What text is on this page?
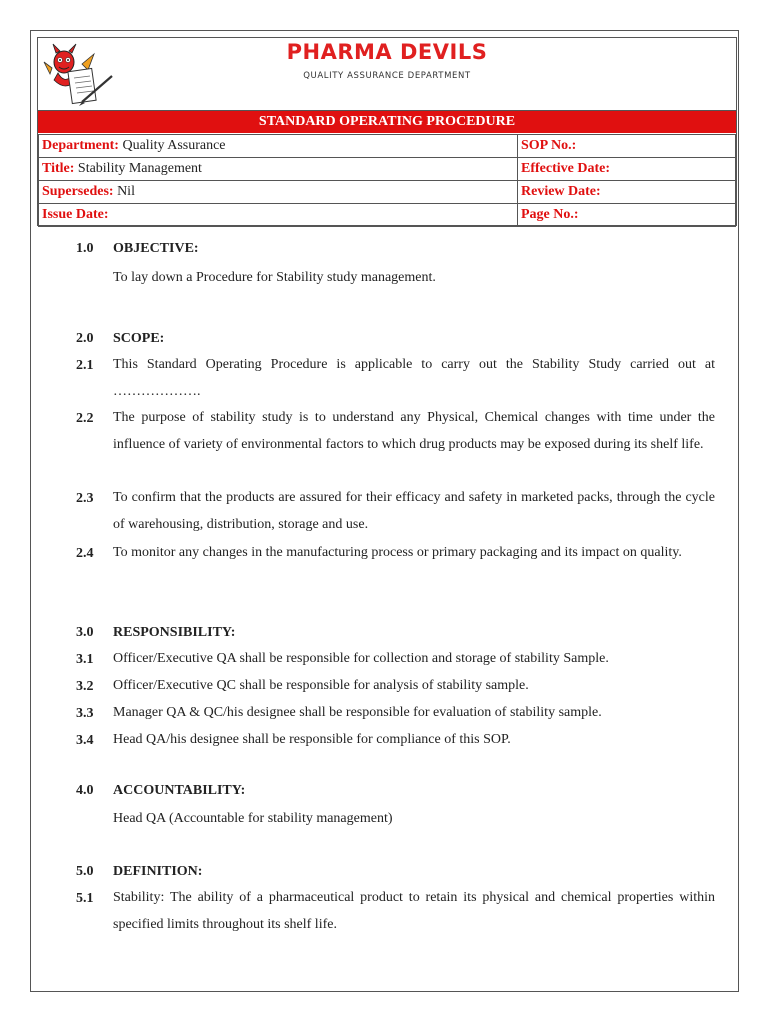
PHARMA DEVILS
QUALITY ASSURANCE DEPARTMENT
STANDARD OPERATING PROCEDURE
Department: Quality Assurance	SOP No.:
Title: Stability Management	Effective Date:
Supersedes: Nil	Review Date:
Issue Date:	Page No.:
1.0	OBJECTIVE:
To lay down a Procedure for Stability study management.
2.0	SCOPE:
2.1	This Standard Operating Procedure is applicable to carry out the Stability Study carried out at ……………….
2.2	The purpose of stability study is to understand any Physical, Chemical changes with time under the influence of variety of environmental factors to which drug products may be exposed during its shelf life.
2.3	To confirm that the products are assured for their efficacy and safety in marketed packs, through the cycle of warehousing, distribution, storage and use.
2.4	To monitor any changes in the manufacturing process or primary packaging and its impact on quality.
3.0	RESPONSIBILITY:
3.1	Officer/Executive QA shall be responsible for collection and storage of stability Sample.
3.2	Officer/Executive QC shall be responsible for analysis of stability sample.
3.3	Manager QA & QC/his designee shall be responsible for evaluation of stability sample.
3.4	Head QA/his designee shall be responsible for compliance of this SOP.
4.0	ACCOUNTABILITY:
Head QA (Accountable for stability management)
5.0	DEFINITION:
5.1	Stability: The ability of a pharmaceutical product to retain its physical and chemical properties within specified limits throughout its shelf life.
